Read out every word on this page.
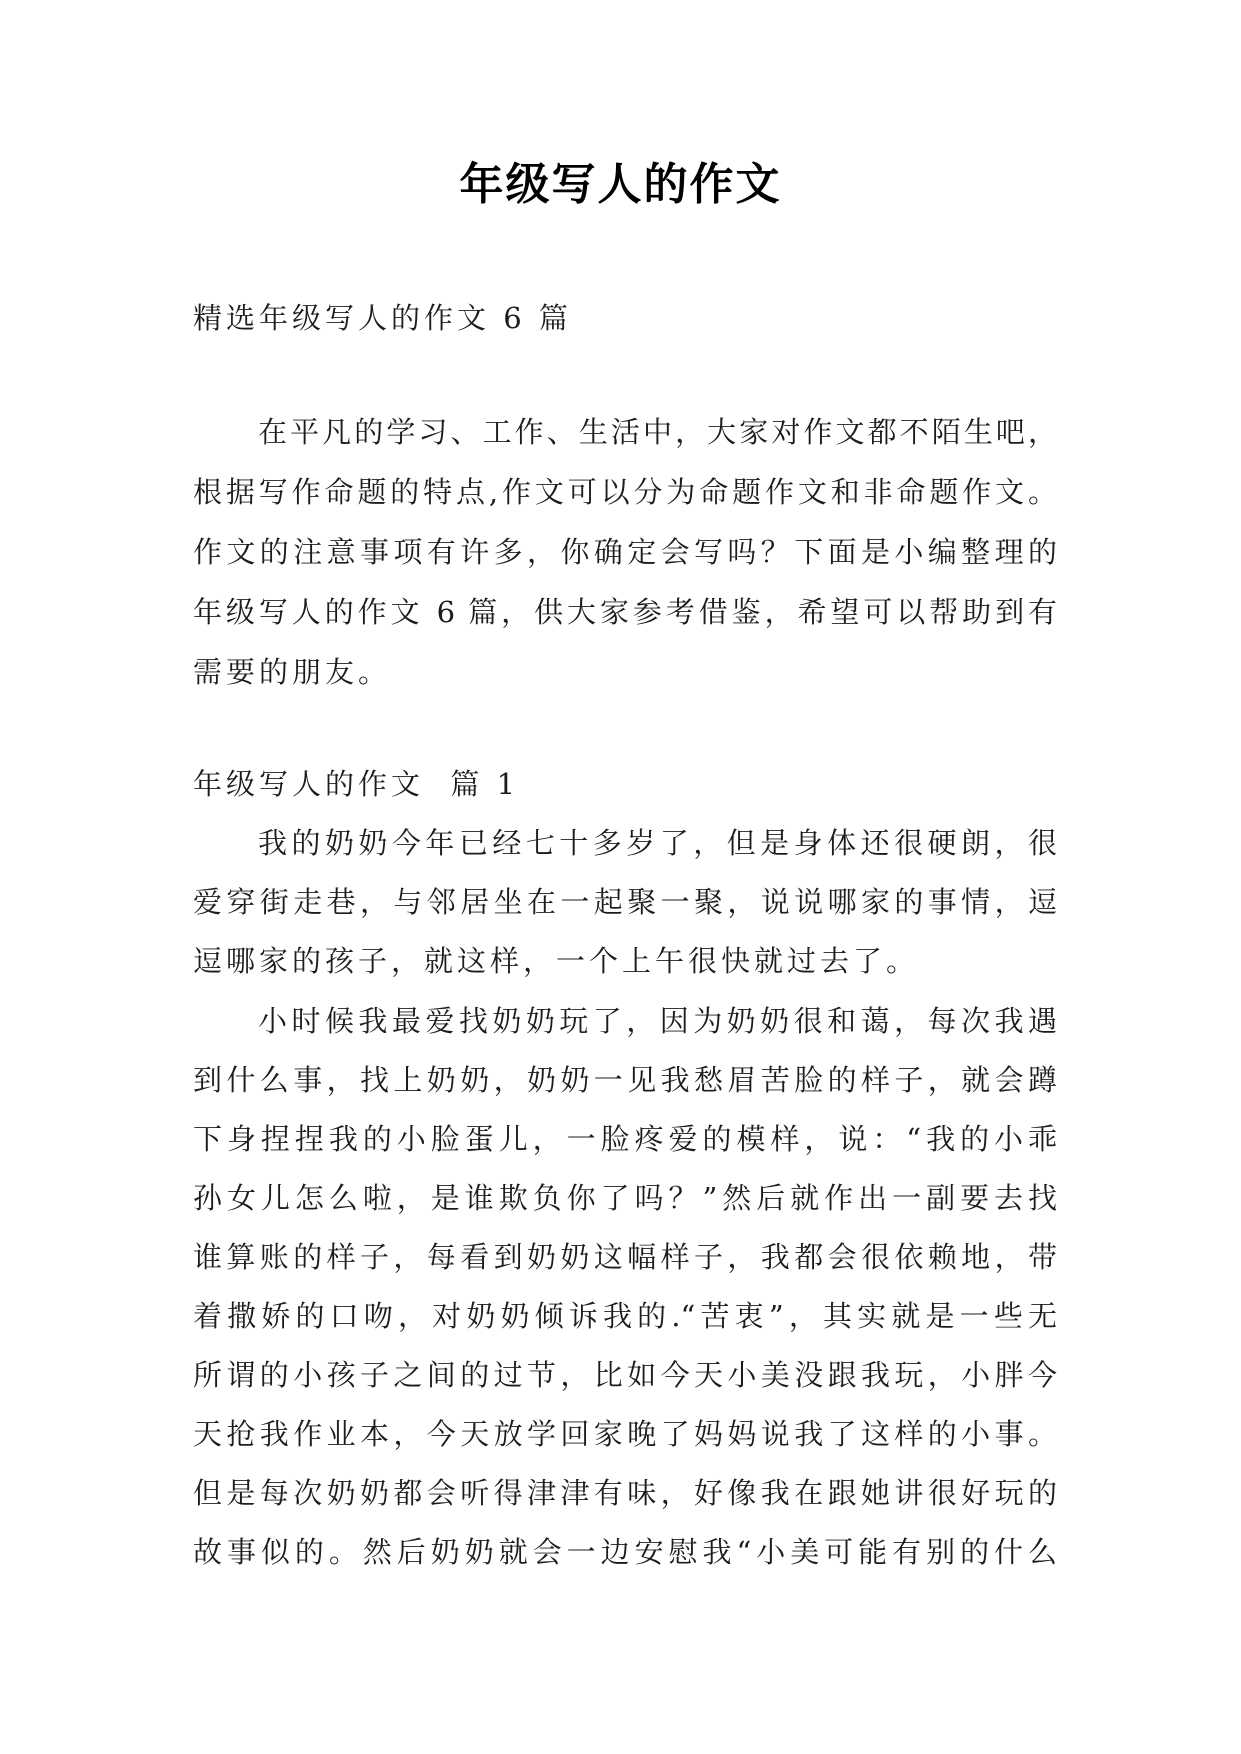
年级写人的作文
精选年级写人的作文 6 篇
在平凡的学习、工作、生活中，大家对作文都不陌生吧，
根据写作命题的特点,作文可以分为命题作文和非命题作文。
作文的注意事项有许多，你确定会写吗？下面是小编整理的
年级写人的作文 6 篇，供大家参考借鉴，希望可以帮助到有
需要的朋友。
年级写人的作文  篇 1
我的奶奶今年已经七十多岁了，但是身体还很硬朗，很
爱穿街走巷，与邻居坐在一起聚一聚，说说哪家的事情，逗
逗哪家的孩子，就这样，一个上午很快就过去了。
小时候我最爱找奶奶玩了，因为奶奶很和蔼，每次我遇
到什么事，找上奶奶，奶奶一见我愁眉苦脸的样子，就会蹲
下身捏捏我的小脸蛋儿，一脸疼爱的模样，说：“我的小乖
孙女儿怎么啦，是谁欺负你了吗？”然后就作出一副要去找
谁算账的样子，每看到奶奶这幅样子，我都会很依赖地，带
着撒娇的口吻，对奶奶倾诉我的.“苦衷”，其实就是一些无
所谓的小孩子之间的过节，比如今天小美没跟我玩，小胖今
天抢我作业本，今天放学回家晚了妈妈说我了这样的小事。
但是每次奶奶都会听得津津有味，好像我在跟她讲很好玩的
故事似的。然后奶奶就会一边安慰我“小美可能有别的什么
